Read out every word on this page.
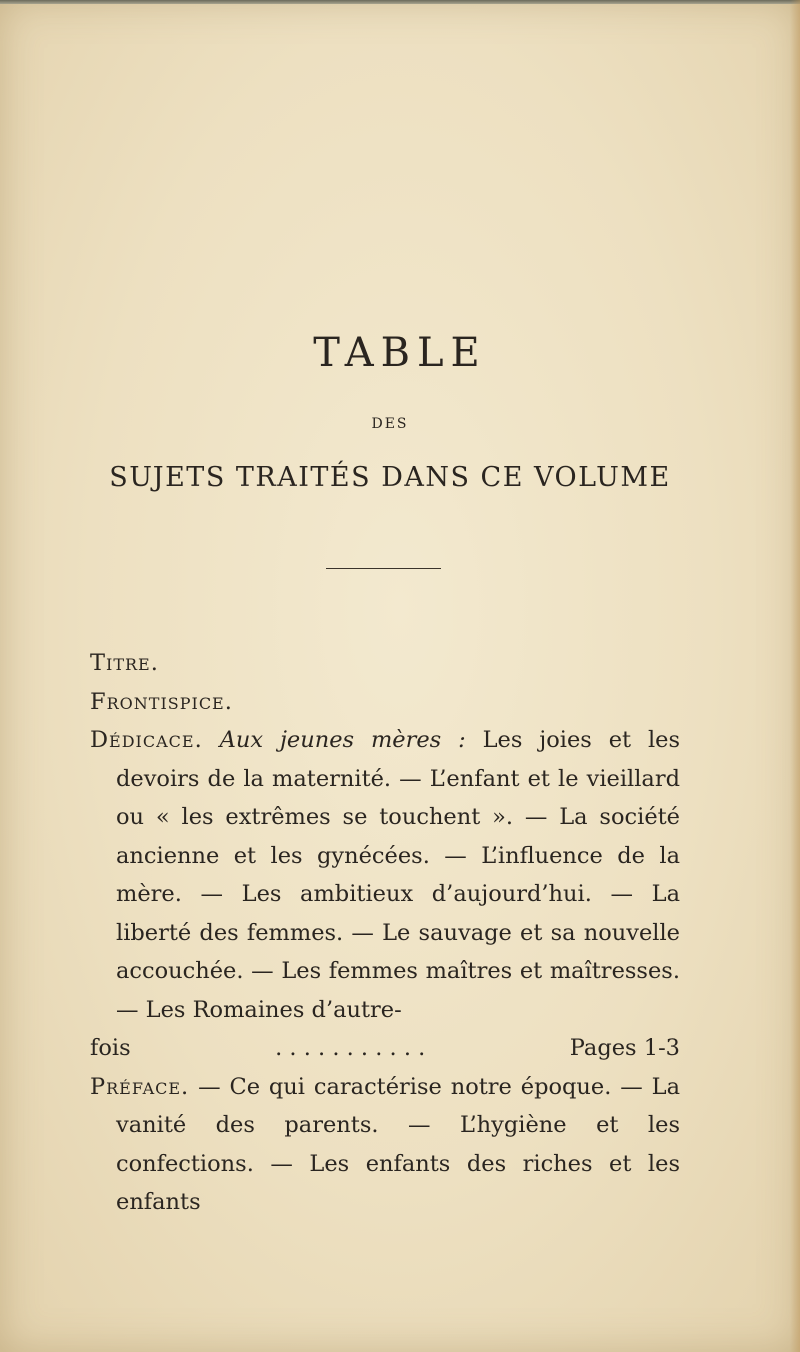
TABLE
DES
SUJETS TRAITÉS DANS CE VOLUME
Titre.
Frontispice.
Dédicace. Aux jeunes mères : Les joies et les devoirs de la maternité. — L’enfant et le vieillard ou « les extrêmes se touchent ». — La société ancienne et les gynécées. — L’influence de la mère. — Les ambitieux d’aujourd’hui. — La liberté des femmes. — Le sauvage et sa nouvelle accouchée. — Les femmes maîtres et maîtresses. — Les Romaines d’autre-
fois	. . . . . . . . . . .	Pages 1-3
Préface. — Ce qui caractérise notre époque. — La vanité des parents. — L’hygiène et les confections. — Les enfants des riches et les enfants
